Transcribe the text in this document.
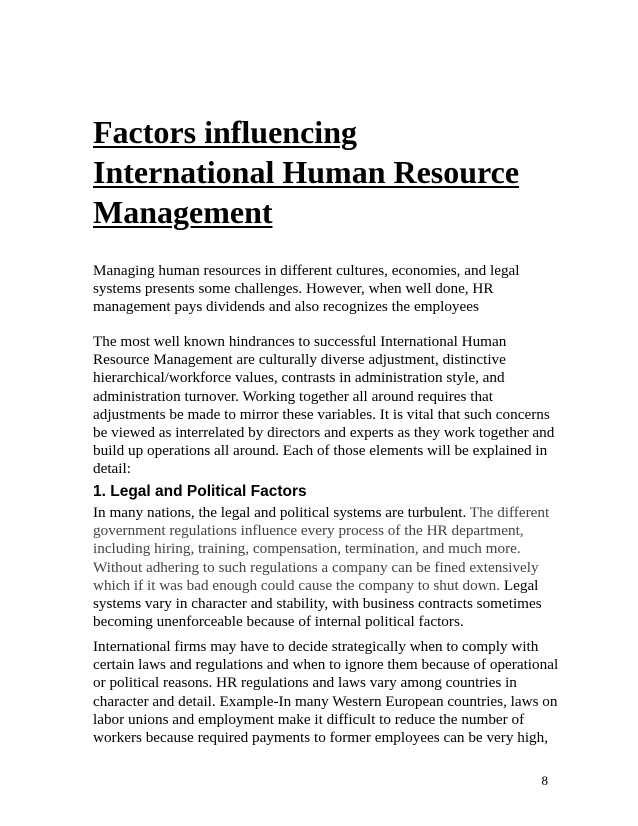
Factors influencing
International Human Resource
Management

Managing human resources in different cultures, economies, and legal
systems presents some challenges. However, when well done, HR
management pays dividends and also recognizes the employees

The most well known hindrances to successful International Human
Resource Management are culturally diverse adjustment, distinctive
hierarchical/workforce values, contrasts in administration style, and
administration turnover. Working together all around requires that
adjustments be made to mirror these variables. It is vital that such concerns
be viewed as interrelated by directors and experts as they work together and
build up operations all around. Each of those elements will be explained in
detail:

1. Legal and Political Factors

In many nations, the legal and political systems are turbulent. The different
government regulations influence every process of the HR department,
including hiring, training, compensation, termination, and much more.
Without adhering to such regulations a company can be fined extensively
which if it was bad enough could cause the company to shut down. Legal
systems vary in character and stability, with business contracts sometimes
becoming unenforceable because of internal political factors.

International firms may have to decide strategically when to comply with
certain laws and regulations and when to ignore them because of operational
or political reasons. HR regulations and laws vary among countries in
character and detail. Example-In many Western European countries, laws on
labor unions and employment make it difficult to reduce the number of
workers because required payments to former employees can be very high,

8
